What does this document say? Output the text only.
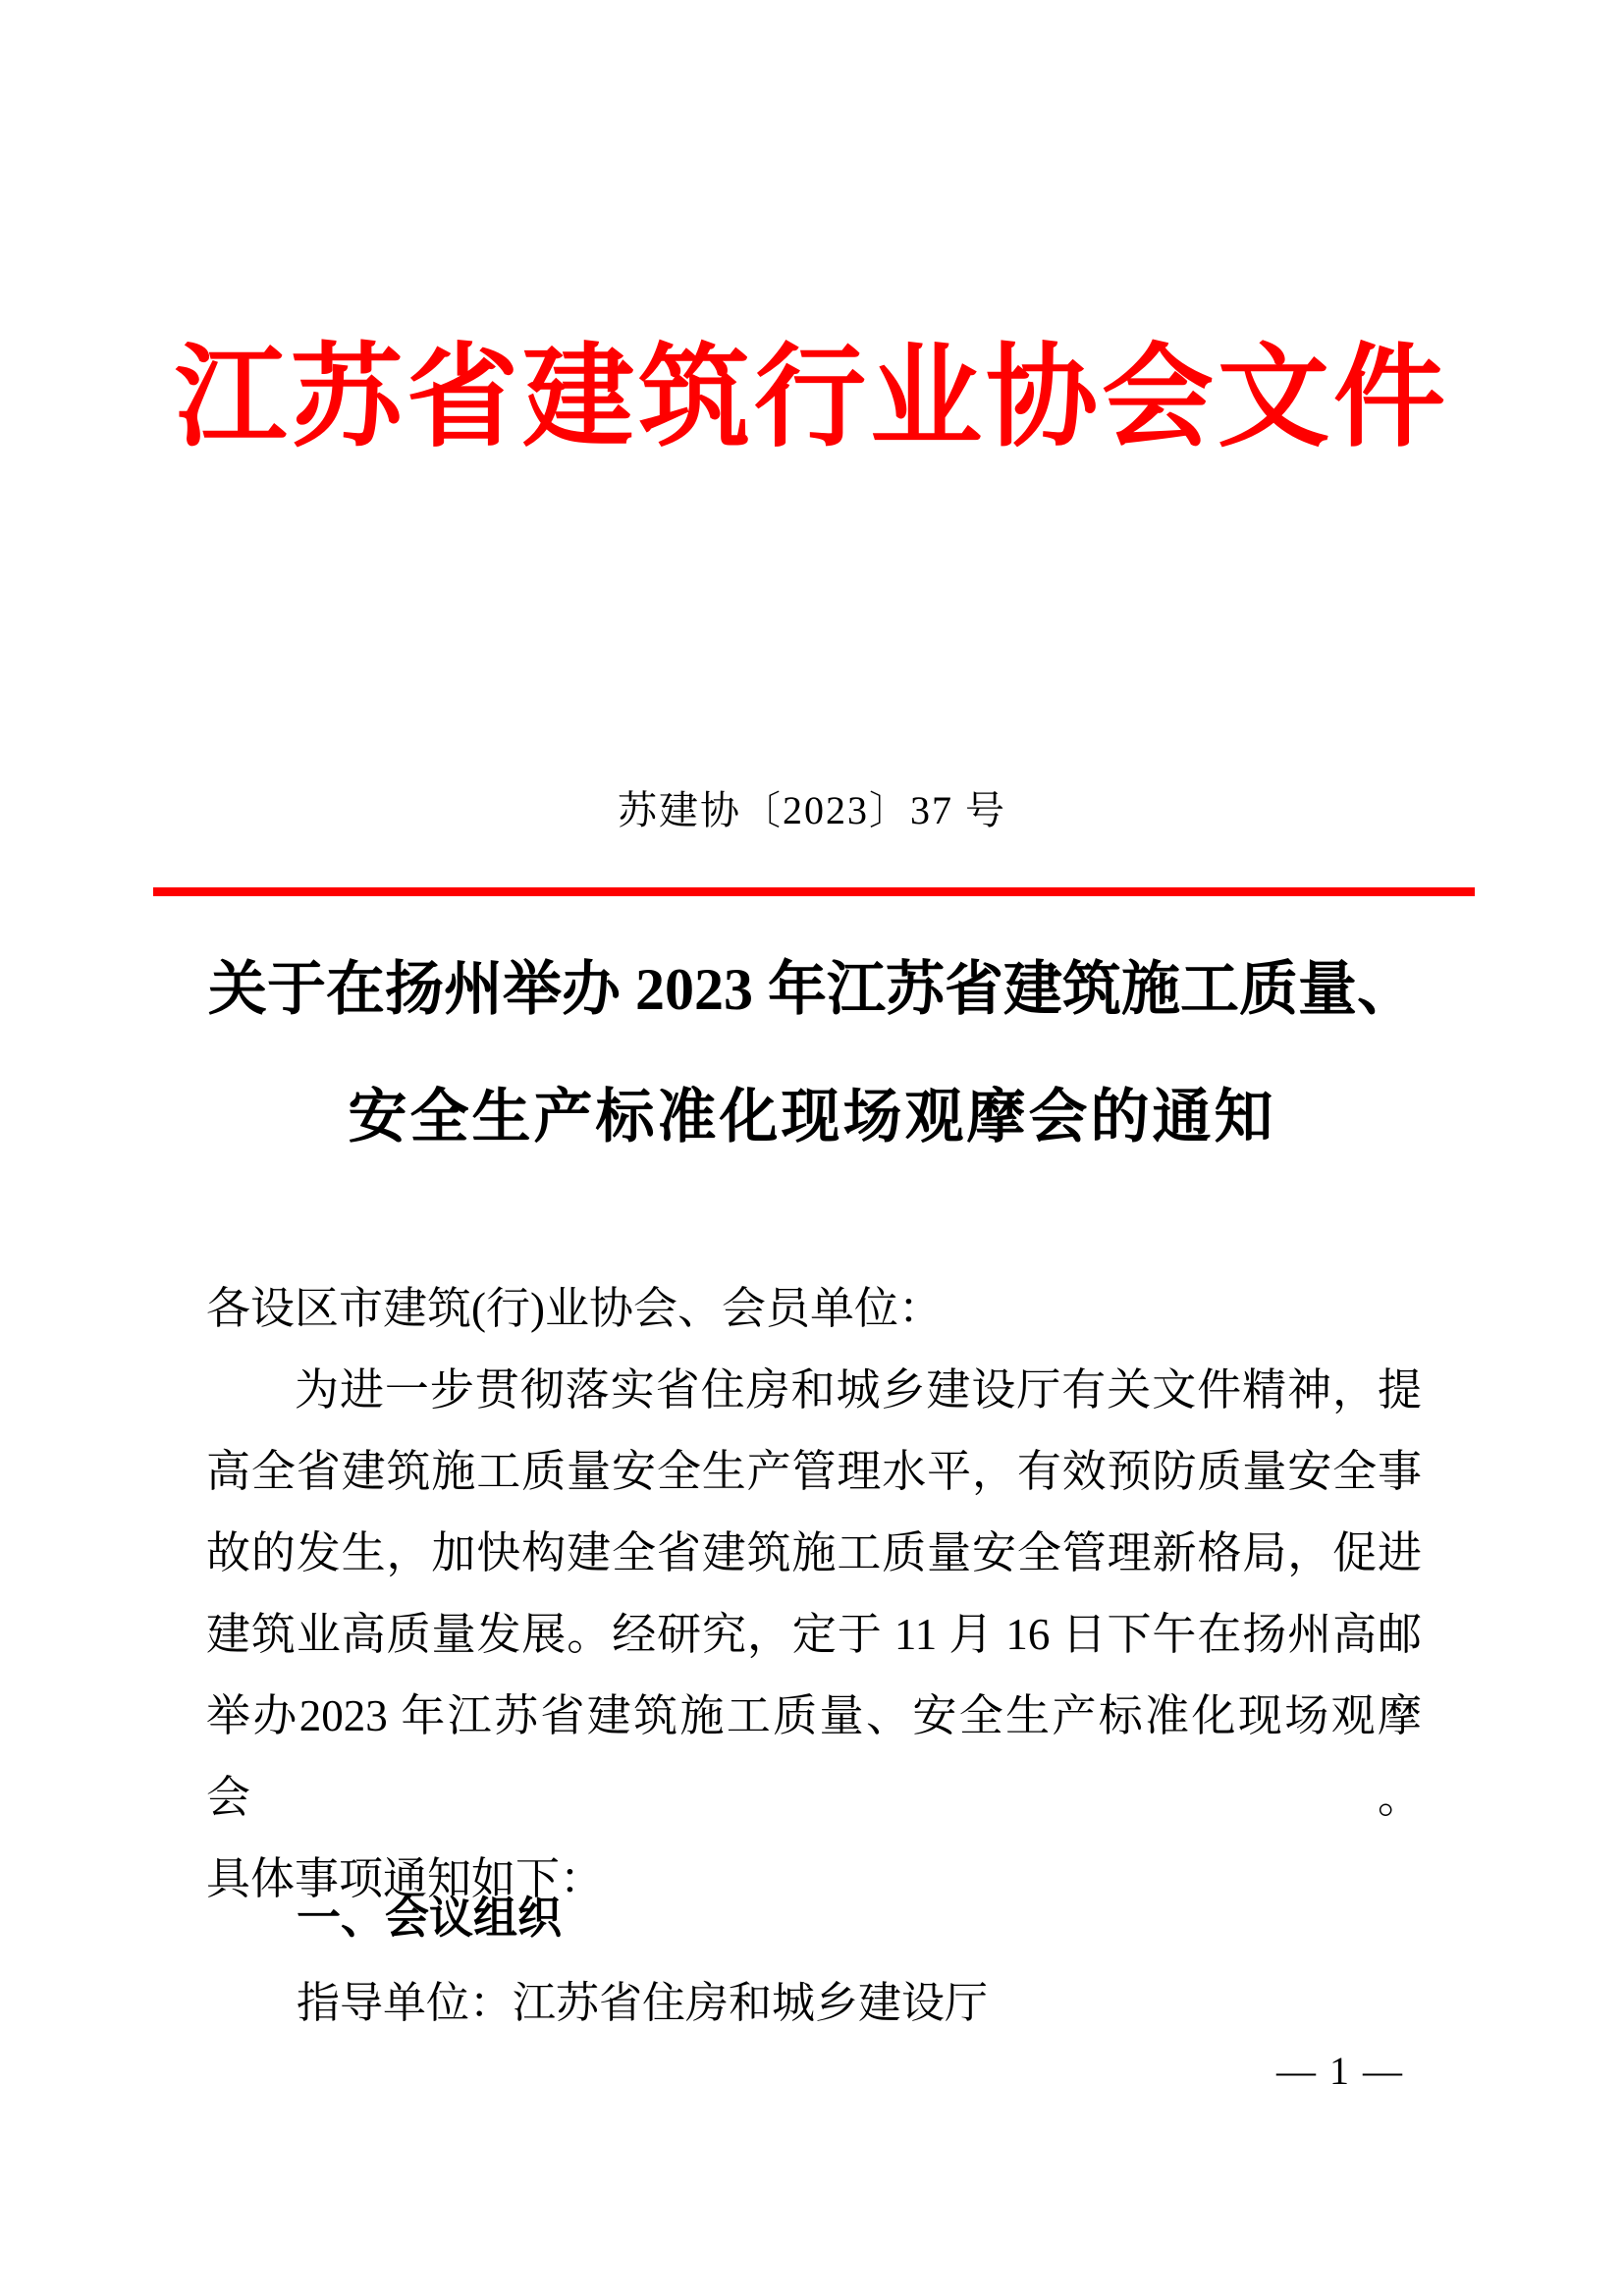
江苏省建筑行业协会文件
苏建协〔2023〕37 号
关于在扬州举办 2023 年江苏省建筑施工质量、
安全生产标准化现场观摩会的通知
各设区市建筑(行)业协会、会员单位：
为进一步贯彻落实省住房和城乡建设厅有关文件精神，提
高全省建筑施工质量安全生产管理水平，有效预防质量安全事
故的发生，加快构建全省建筑施工质量安全管理新格局，促进
建筑业高质量发展。经研究，定于 11 月 16 日下午在扬州高邮
举办2023 年江苏省建筑施工质量、安全生产标准化现场观摩会。
具体事项通知如下：
一、会议组织
指导单位：江苏省住房和城乡建设厅
— 1 —
